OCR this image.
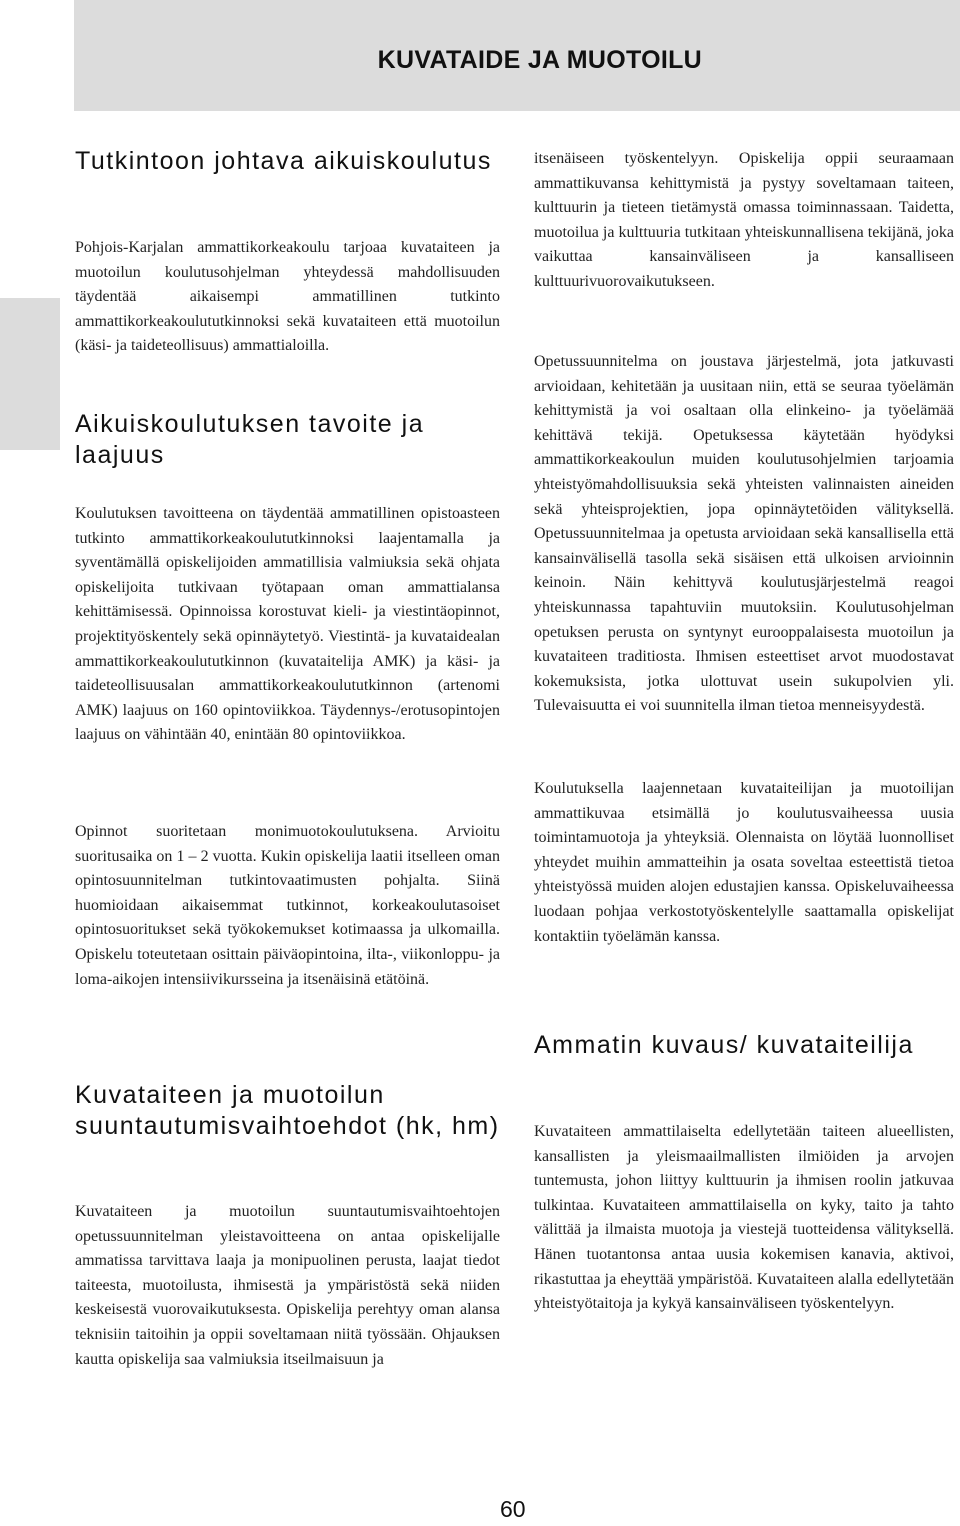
KUVATAIDE JA MUOTOILU
Tutkintoon johtava aikuiskoulutus

Pohjois-Karjalan ammattikorkeakoulu tarjoaa kuvataiteen ja muotoilun koulutusohjelman yhteydessä mahdollisuuden täydentää aikaisempi ammatillinen tutkinto ammattikorkeakoulututkinnoksi sekä kuvataiteen että muotoilun (käsi- ja taideteollisuus) ammattialoilla.

Aikuiskoulutuksen tavoite ja laajuus

Koulutuksen tavoitteena on täydentää ammatillinen opistoasteen tutkinto ammattikorkeakoulututkinnoksi laajentamalla ja syventämällä opiskelijoiden ammatillisia valmiuksia sekä ohjata opiskelijoita tutkivaan työtapaan oman ammattialansa kehittämisessä. Opinnoissa korostuvat kieli- ja viestintäopinnot, projektityöskentely sekä opinnäytetyö. Viestintä- ja kuvataidealan ammattikorkeakoulututkinnon (kuvataitelija AMK) ja käsi- ja taideteollisuusalan ammattikorkeakoulututkinnon (artenomi AMK) laajuus on 160 opintoviikkoa. Täydennys-/erotusopintojen laajuus on vähintään 40, enintään 80 opintoviikkoa.

Opinnot suoritetaan monimuotokoulutuksena. Arvioitu suoritusaika on 1 – 2 vuotta. Kukin opiskelija laatii itselleen oman opintosuunnitelman tutkintovaatimusten pohjalta. Siinä huomioidaan aikaisemmat tutkinnot, korkeakoulutasoiset opintosuoritukset sekä työkokemukset kotimaassa ja ulkomailla. Opiskelu toteutetaan osittain päiväopintoina, ilta-, viikonloppu- ja loma-aikojen intensiivikursseina ja itsenäisinä etätöinä.

Kuvataiteen ja muotoilun suuntautumisvaihtoehdot (hk, hm)

Kuvataiteen ja muotoilun suuntautumisvaihtoehtojen opetussuunnitelman yleistavoitteena on antaa opiskelijalle ammatissa tarvittava laaja ja monipuolinen perusta, laajat tiedot taiteesta, muotoilusta, ihmisestä ja ympäristöstä sekä niiden keskeisestä vuorovaikutuksesta. Opiskelija perehtyy oman alansa teknisiin taitoihin ja oppii soveltamaan niitä työssään. Ohjauksen kautta opiskelija saa valmiuksia itseilmaisuun ja

itsenäiseen työskentelyyn. Opiskelija oppii seuraamaan ammattikuvansa kehittymistä ja pystyy soveltamaan taiteen, kulttuurin ja tieteen tietämystä omassa toiminnassaan. Taidetta, muotoilua ja kulttuuria tutkitaan yhteiskunnallisena tekijänä, joka vaikuttaa kansainväliseen ja kansalliseen kulttuurivuorovaikutukseen.

Opetussuunnitelma on joustava järjestelmä, jota jatkuvasti arvioidaan, kehitetään ja uusitaan niin, että se seuraa työelämän kehittymistä ja voi osaltaan olla elinkeino- ja työelämää kehittävä tekijä. Opetuksessa käytetään hyödyksi ammattikorkeakoulun muiden koulutusohjelmien tarjoamia yhteistyömahdollisuuksia sekä yhteisten valinnaisten aineiden sekä yhteisprojektien, jopa opinnäytetöiden välityksellä. Opetussuunnitelmaa ja opetusta arvioidaan sekä kansallisella että kansainvälisellä tasolla sekä sisäisen että ulkoisen arvioinnin keinoin. Näin kehittyvä koulutusjärjestelmä reagoi yhteiskunnassa tapahtuviin muutoksiin. Koulutusohjelman opetuksen perusta on syntynyt eurooppalaisesta muotoilun ja kuvataiteen traditiosta. Ihmisen esteettiset arvot muodostavat kokemuksista, jotka ulottuvat usein sukupolvien yli. Tulevaisuutta ei voi suunnitella ilman tietoa menneisyydestä.

Koulutuksella laajennetaan kuvataiteilijan ja muotoilijan ammattikuvaa etsimällä jo koulutusvaiheessa uusia toimintamuotoja ja yhteyksiä. Olennaista on löytää luonnolliset yhteydet muihin ammatteihin ja osata soveltaa esteettistä tietoa yhteistyössä muiden alojen edustajien kanssa. Opiskeluvaiheessa luodaan pohjaa verkostotyöskentelylle saattamalla opiskelijat kontaktiin työelämän kanssa.

Ammatin kuvaus/ kuvataiteilija

Kuvataiteen ammattilaiselta edellytetään taiteen alueellisten, kansallisten ja yleismaailmallisten ilmiöiden ja arvojen tuntemusta, johon liittyy kulttuurin ja ihmisen roolin jatkuvaa tulkintaa. Kuvataiteen ammattilaisella on kyky, taito ja tahto välittää ja ilmaista muotoja ja viestejä tuotteidensa välityksellä. Hänen tuotantonsa antaa uusia kokemisen kanavia, aktivoi, rikastuttaa ja eheyttää ympäristöä. Kuvataiteen alalla edellytetään yhteistyötaitoja ja kykyä kansainväliseen työskentelyyn.

60
